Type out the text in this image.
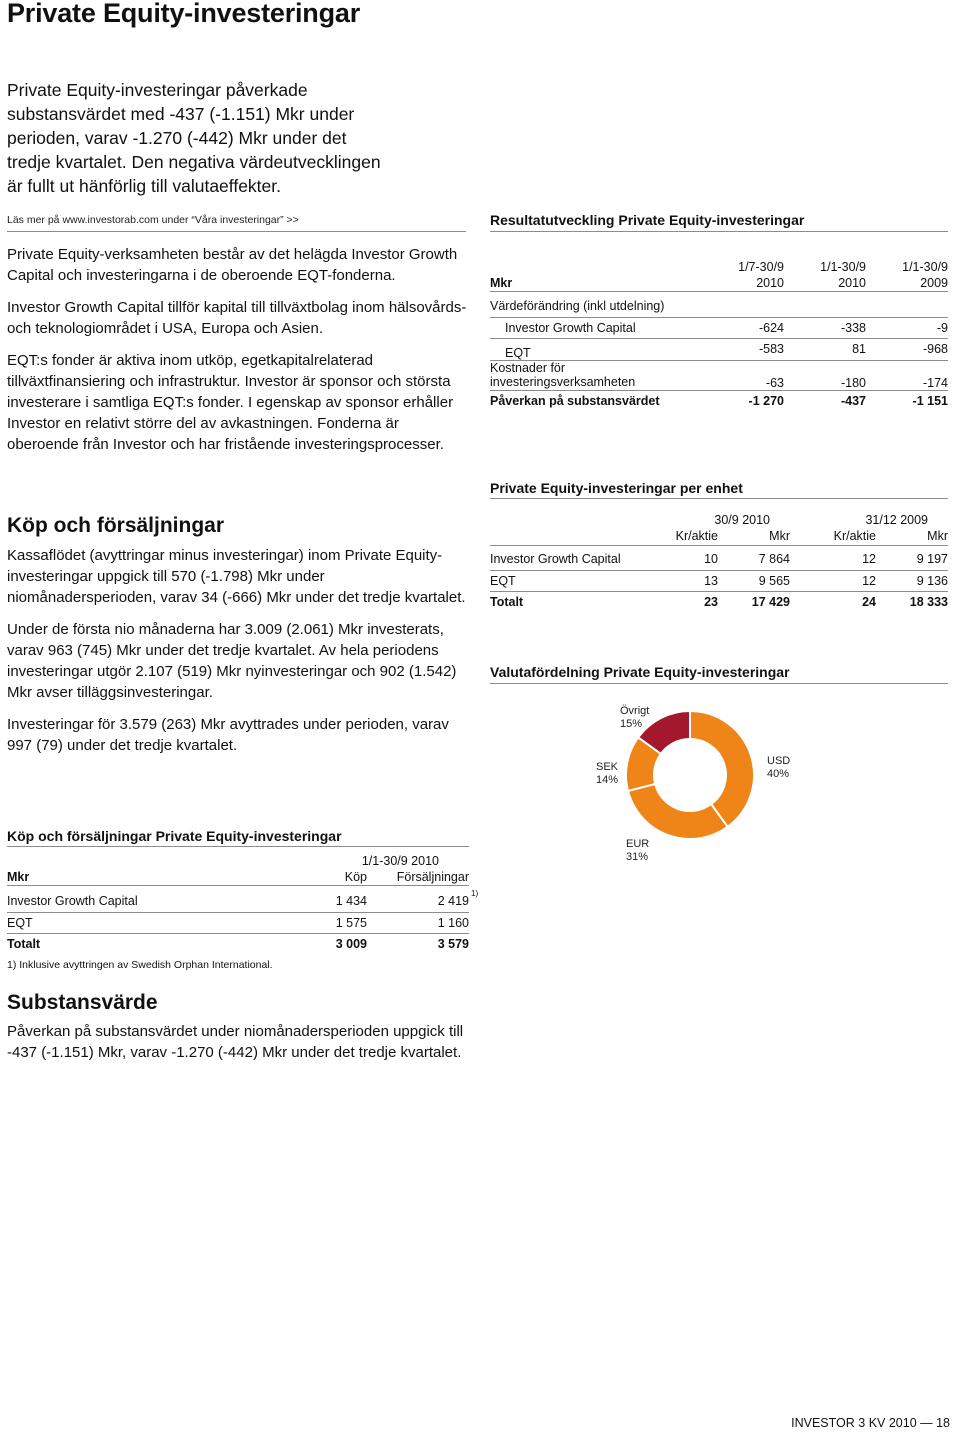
Private Equity-investeringar

Private Equity-investeringar påverkade

substansvärdet med -437 (-1.151) Mkr under

perioden, varav -1.270 (-442) Mkr under det

tredje kvartalet. Den negativa värdeutvecklingen

är fullt ut hänförlig till valutaeffekter.

Läs mer på www.investorab.com under “Våra investeringar” >>

Private Equity-verksamheten består av det helägda Investor Growth Capital och investeringarna i de oberoende EQT-fonderna.

Investor Growth Capital tillför kapital till tillväxtbolag inom hälsovårds- och teknologiområdet i USA, Europa och Asien.

EQT:s fonder är aktiva inom utköp, egetkapitalrelaterad tillväxtfinansiering och infrastruktur. Investor är sponsor och största investerare i samtliga EQT:s fonder. I egenskap av sponsor erhåller Investor en relativt större del av avkastningen. Fonderna är oberoende från Investor och har fristående investeringsprocesser.

Köp och försäljningar

Kassaflödet (avyttringar minus investeringar) inom Private Equity-investeringar uppgick till 570 (-1.798) Mkr under niomånadersperioden, varav 34 (-666) Mkr under det tredje kvartalet.

Under de första nio månaderna har 3.009 (2.061) Mkr investerats, varav 963 (745) Mkr under det tredje kvartalet. Av hela periodens investeringar utgör 2.107 (519) Mkr nyinvesteringar och 902 (1.542) Mkr avser tilläggsinvesteringar.

Investeringar för 3.579 (263) Mkr avyttrades under perioden, varav 997 (79) under det tredje kvartalet.

Köp och försäljningar Private Equity-investeringar
	1/1-30/9 2010	
Mkr	Köp	Försäljningar

Investor Growth Capital	1 434	2 419
1)

EQT	1 575	1 160
Totalt	3 009	3 579
1) Inklusive avyttringen av Swedish Orphan International.
Substansvärde
Påverkan på substansvärdet under niomånadersperioden uppgick till -437 (-1.151) Mkr, varav -1.270 (-442) Mkr under det tredje kvartalet.
Resultatutveckling Private Equity-investeringar
	1/7-30/9	1/1-30/9	1/1-30/9
Mkr	2010	2010	2009

Värdeförändring (inkl utdelning)			
Investor Growth Capital	-624	-338	-9
EQT	-583	81	-968
Kostnader för
investeringsverksamheten	-63	-180	-174
Påverkan på substansvärdet	-1 270	-437	-1 151
Private Equity-investeringar per enhet
	30/9 2010		31/12 2009	
	Kr/aktie	Mkr	Kr/aktie	Mkr

Investor Growth Capital	10	7 864	12	9 197
EQT	13	9 565	12	9 136
Totalt	23	17 429	24	18 333
Valutafördelning Private Equity-investeringar
Övrigt
15%
USD
40%
SEK
14%
EUR
31%
INVESTOR 3 KV 2010 — 18
